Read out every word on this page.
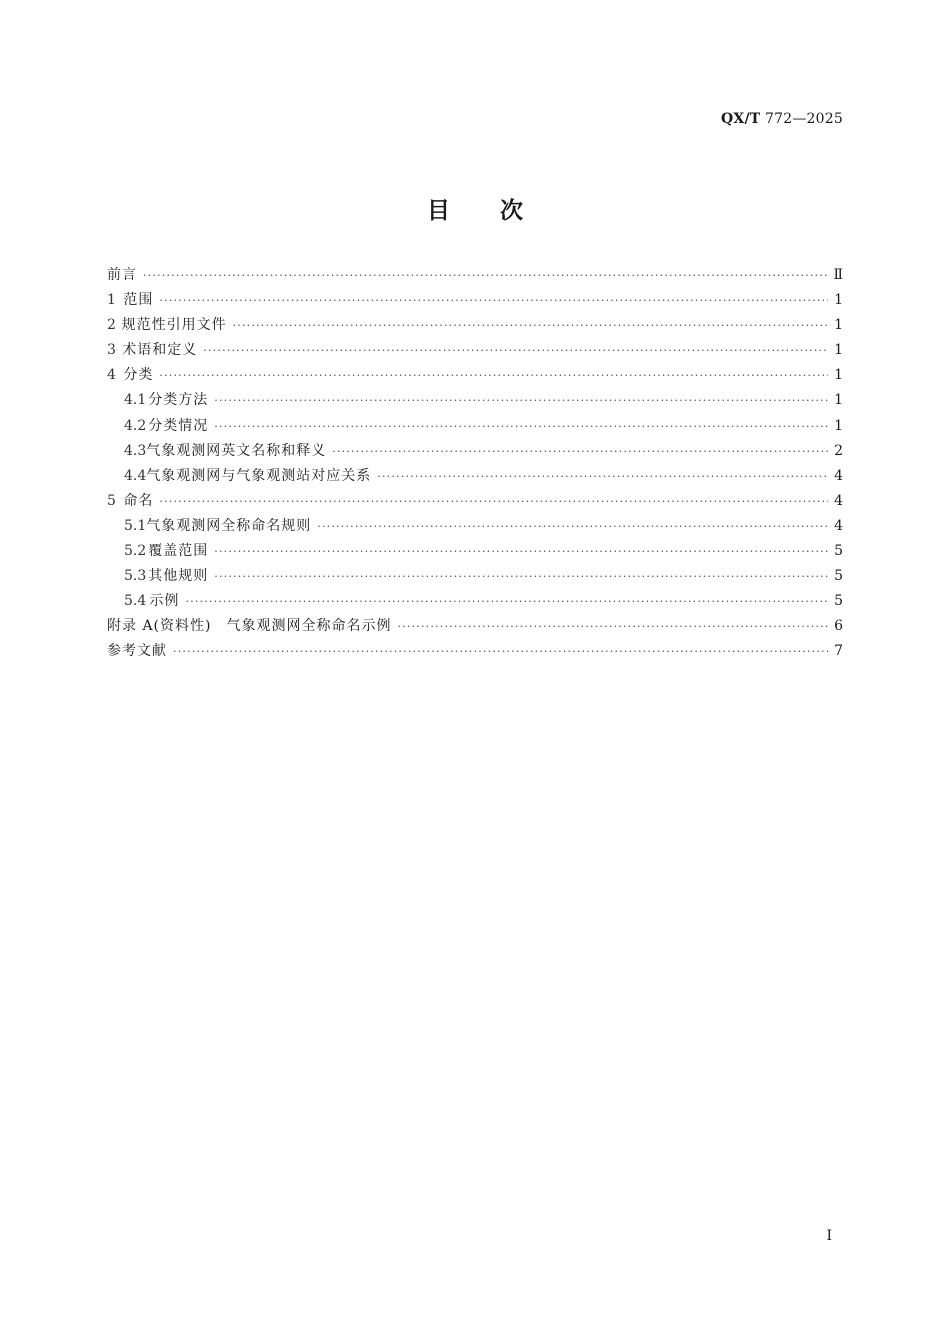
QX/T 772—2025
目次
前言 ·····	Ⅱ
1 范围 ·····	1
2 规范性引用文件 ·····	1
3 术语和定义 ·····	1
4 分类 ·····	1
4.1 分类方法 ·····	1
4.2 分类情况 ·····	1
4.3 气象观测网英文名称和释义 ·····	2
4.4 气象观测网与气象观测站对应关系 ·····	4
5 命名 ·····	4
5.1 气象观测网全称命名规则 ·····	4
5.2 覆盖范围 ·····	5
5.3 其他规则 ·····	5
5.4 示例 ·····	5
附录 A(资料性)　气象观测网全称命名示例 ·····	6
参考文献 ·····	7
Ⅰ
